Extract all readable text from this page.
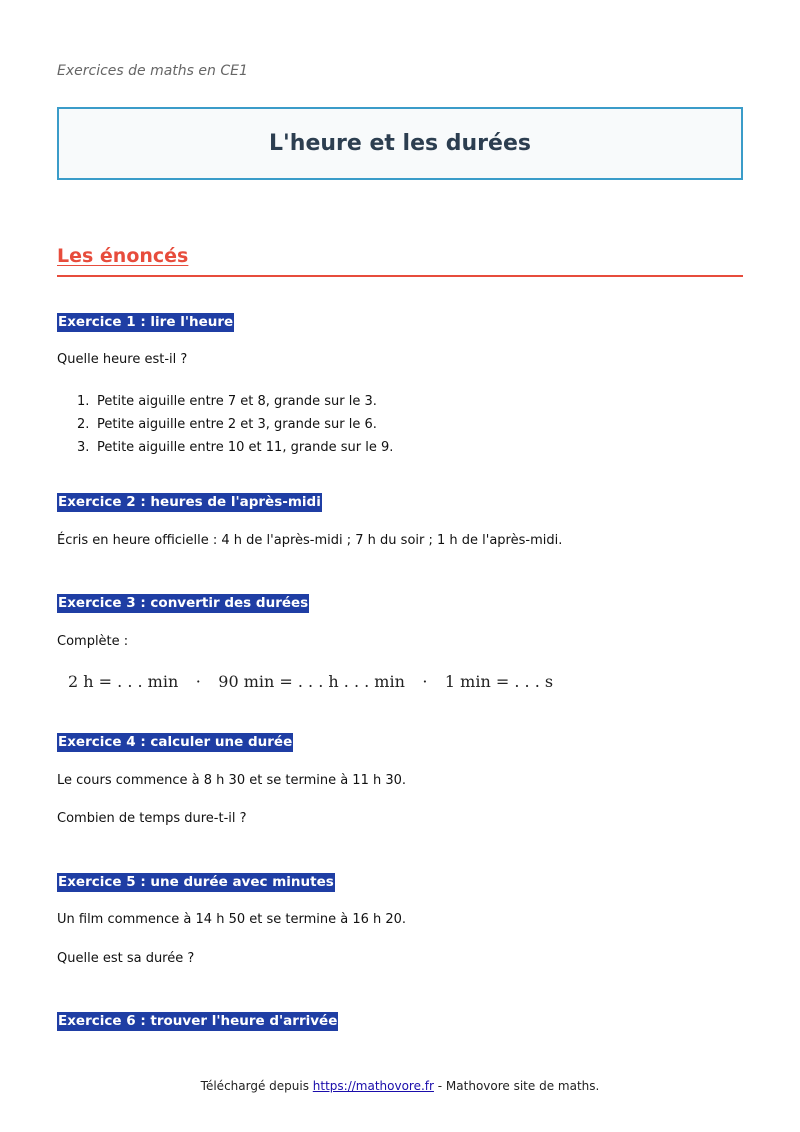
Exercices de maths en CE1
L'heure et les durées
Les énoncés
Exercice 1 : lire l'heure
Quelle heure est-il ?
1. Petite aiguille entre 7 et 8, grande sur le 3.
2. Petite aiguille entre 2 et 3, grande sur le 6.
3. Petite aiguille entre 10 et 11, grande sur le 9.
Exercice 2 : heures de l'après-midi
Écris en heure officielle : 4 h de l'après-midi ; 7 h du soir ; 1 h de l'après-midi.
Exercice 3 : convertir des durées
Complète :
2 h = . . . min · 90 min = . . . h . . . min · 1 min = . . . s
Exercice 4 : calculer une durée
Le cours commence à 8 h 30 et se termine à 11 h 30.
Combien de temps dure-t-il ?
Exercice 5 : une durée avec minutes
Un film commence à 14 h 50 et se termine à 16 h 20.
Quelle est sa durée ?
Exercice 6 : trouver l'heure d'arrivée
Téléchargé depuis https://mathovore.fr - Mathovore site de maths.
